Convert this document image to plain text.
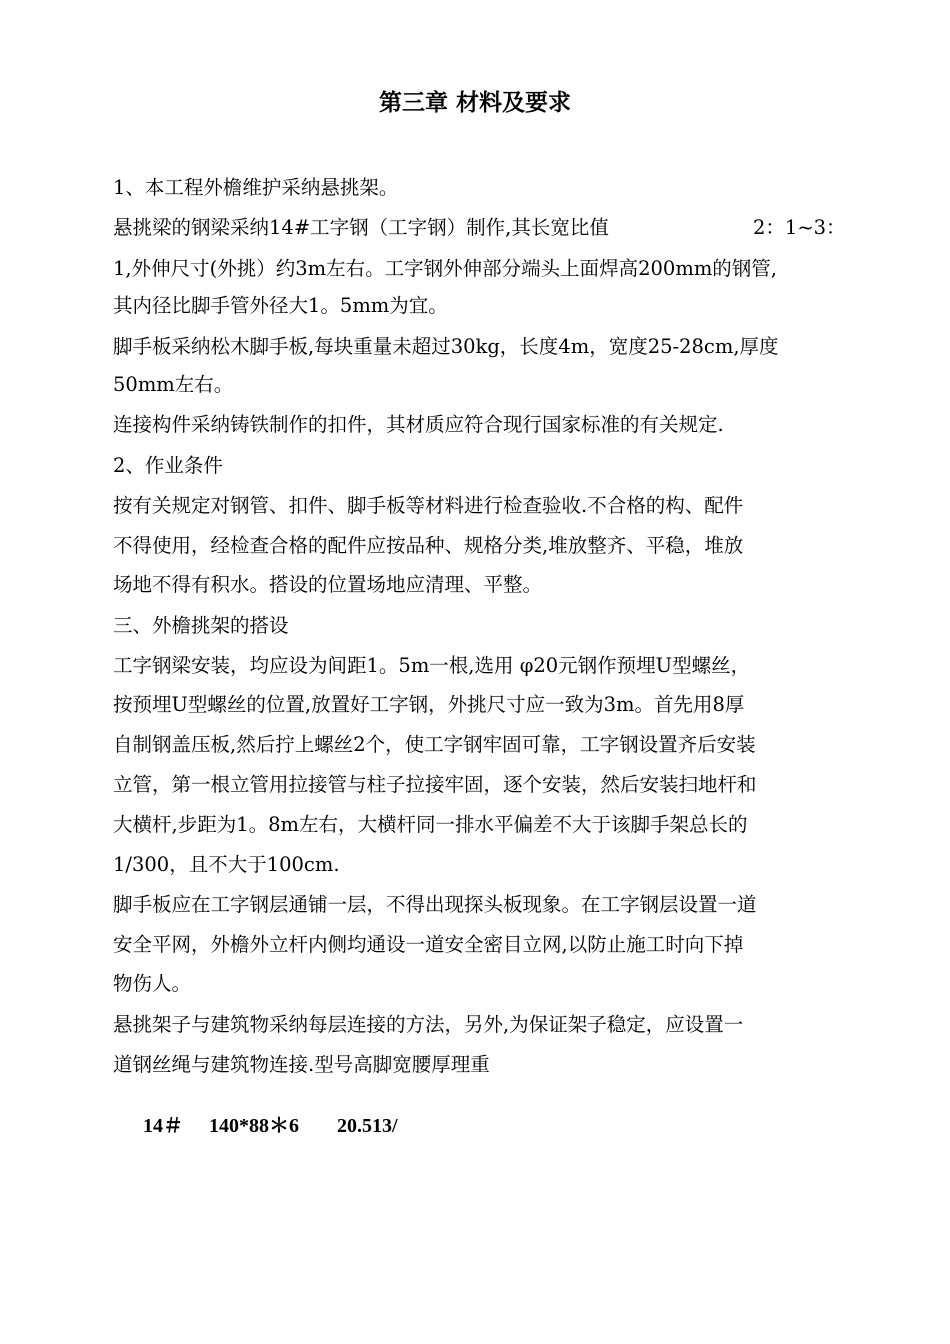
第三章 材料及要求
1、本工程外檐维护采纳悬挑架。
悬挑梁的钢梁采纳14#工字钢（工字钢）制作,其长宽比值	2：1~3：
1,外伸尺寸(外挑）约3m左右。工字钢外伸部分端头上面焊高200mm的钢管,
其内径比脚手管外径大1。5mm为宜。
脚手板采纳松木脚手板,每块重量未超过30kg，长度4m，宽度25-28cm,厚度
50mm左右。
连接构件采纳铸铁制作的扣件，其材质应符合现行国家标准的有关规定.
2、作业条件
按有关规定对钢管、扣件、脚手板等材料进行检查验收.不合格的构、配件
不得使用，经检查合格的配件应按品种、规格分类,堆放整齐、平稳，堆放
场地不得有积水。搭设的位置场地应清理、平整。
三、外檐挑架的搭设
工字钢梁安装，均应设为间距1。5m一根,选用 φ20元钢作预埋U型螺丝，
按预埋U型螺丝的位置,放置好工字钢，外挑尺寸应一致为3m。首先用8厚
自制钢盖压板,然后拧上螺丝2个，使工字钢牢固可靠，工字钢设置齐后安装
立管，第一根立管用拉接管与柱子拉接牢固，逐个安装，然后安装扫地杆和
大横杆,步距为1。8m左右，大横杆同一排水平偏差不大于该脚手架总长的
1/300，且不大于100cm.
脚手板应在工字钢层通铺一层，不得出现探头板现象。在工字钢层设置一道
安全平网，外檐外立杆内侧均通设一道安全密目立网,以防止施工时向下掉
物伤人。
悬挑架子与建筑物采纳每层连接的方法，另外,为保证架子稳定，应设置一
道钢丝绳与建筑物连接.型号高脚宽腰厚理重
14＃ 140*88＊6 20.513/
